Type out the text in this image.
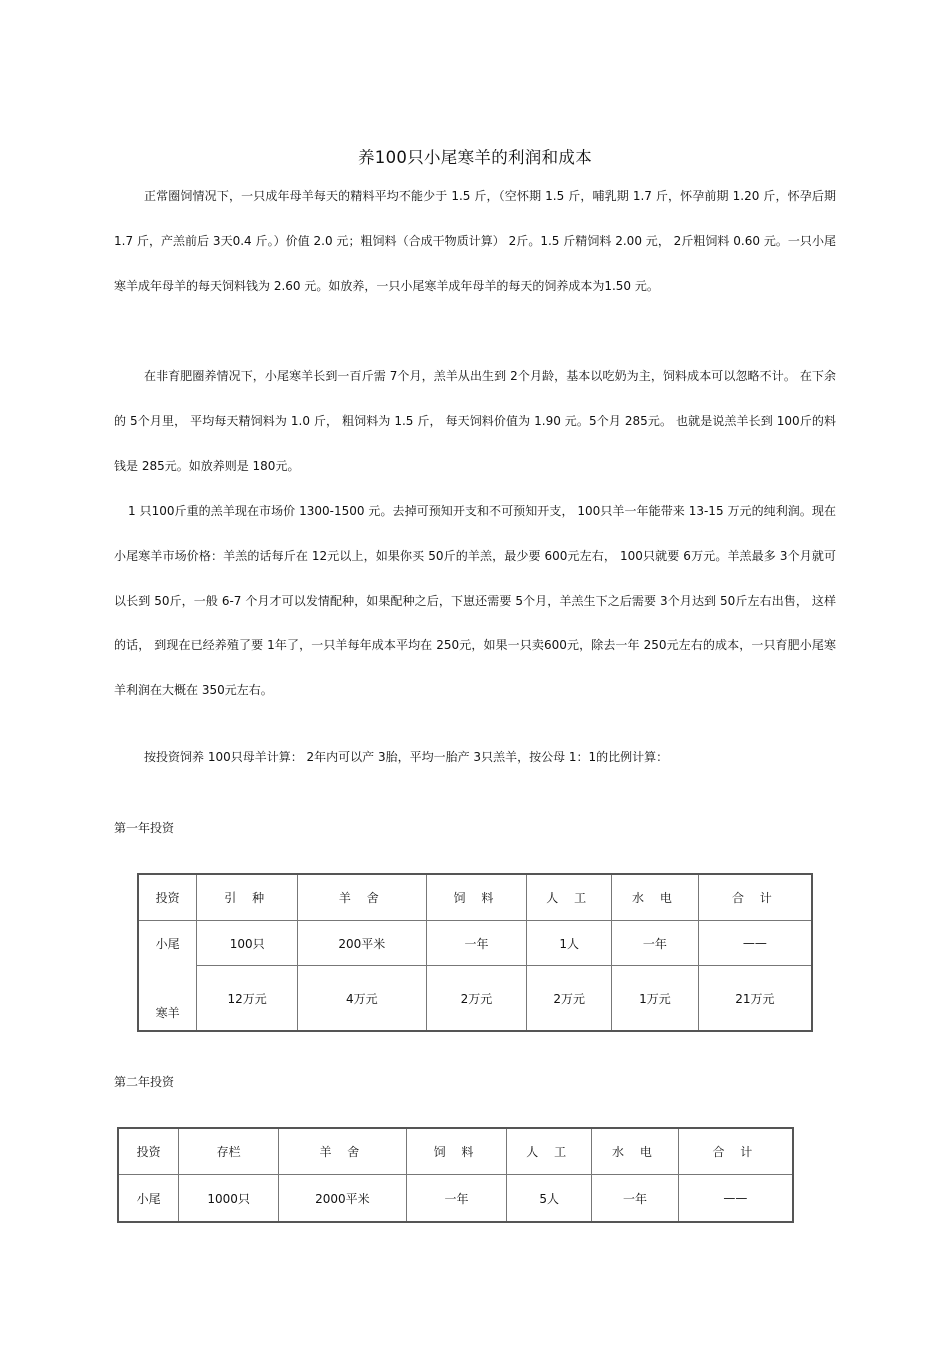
养100只小尾寒羊的利润和成本
正常圈饲情况下，一只成年母羊每天的精料平均不能少于 1.5 斤，（空怀期 1.5 斤，哺乳期 1.7 斤，怀孕前期 1.20 斤，怀孕后期 1.7 斤，产羔前后 3天0.4 斤。）价值 2.0 元；粗饲料（合成干物质计算） 2斤。1.5 斤精饲料 2.00 元， 2斤粗饲料 0.60 元。一只小尾寒羊成年母羊的每天饲料钱为 2.60 元。如放养，一只小尾寒羊成年母羊的每天的饲养成本为1.50 元。
在非育肥圈养情况下，小尾寒羊长到一百斤需 7个月，羔羊从出生到 2个月龄，基本以吃奶为主，饲料成本可以忽略不计。 在下余的 5个月里， 平均每天精饲料为 1.0 斤， 粗饲料为 1.5 斤， 每天饲料价值为 1.90 元。5个月 285元。 也就是说羔羊长到 100斤的料钱是 285元。如放养则是 180元。
1 只100斤重的羔羊现在市场价 1300-1500 元。去掉可预知开支和不可预知开支， 100只羊一年能带来 13-15 万元的纯利润。现在小尾寒羊市场价格：羊羔的话每斤在 12元以上，如果你买 50斤的羊羔，最少要 600元左右， 100只就要 6万元。羊羔最多 3个月就可以长到 50斤，一般 6-7 个月才可以发情配种，如果配种之后，下崽还需要 5个月，羊羔生下之后需要 3个月达到 50斤左右出售， 这样的话， 到现在已经养殖了要 1年了，一只羊每年成本平均在 250元，如果一只卖600元，除去一年 250元左右的成本，一只育肥小尾寒羊利润在大概在 350元左右。
按投资饲养 100只母羊计算： 2年内可以产 3胎，平均一胎产 3只羔羊，按公母 1：1的比例计算：
第一年投资
投资	引 种	羊 舍	饲 料	人 工	水 电	合 计

小尾
寒羊	100只	200平米	一年	1人	一年	——
	12万元	4万元	2万元	2万元	1万元	21万元
第二年投资
投资	存栏	羊 舍	饲 料	人 工	水 电	合 计
小尾	1000只	2000平米	一年	5人	一年	——
